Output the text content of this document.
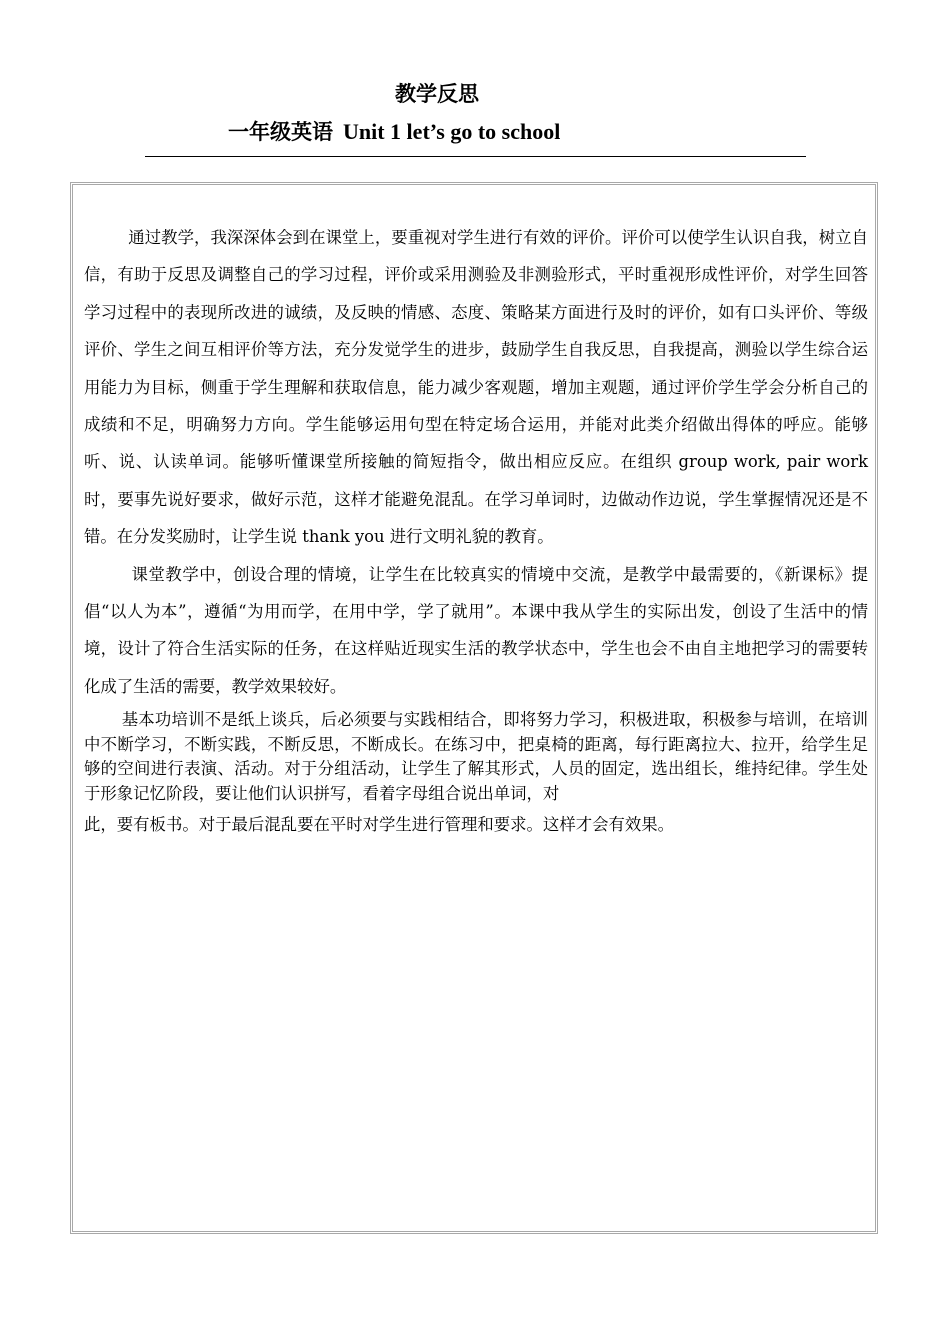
教学反思
一年级英语 Unit 1 let’s go to school

通过教学，我深深体会到在课堂上，要重视对学生进行有效的评价。评价可以使学生认识自我，树立自信，有助于反思及调整自己的学习过程，评价或采用测验及非测验形式，平时重视形成性评价，对学生回答学习过程中的表现所改进的诚绩，及反映的情感、态度、策略某方面进行及时的评价，如有口头评价、等级评价、学生之间互相评价等方法，充分发觉学生的进步，鼓励学生自我反思，自我提高，测验以学生综合运用能力为目标，侧重于学生理解和获取信息，能力减少客观题，增加主观题，通过评价学生学会分析自己的成绩和不足，明确努力方向。学生能够运用句型在特定场合运用，并能对此类介绍做出得体的呼应。能够听、说、认读单词。能够听懂课堂所接触的简短指令，做出相应反应。在组织 group work, pair work 时，要事先说好要求，做好示范，这样才能避免混乱。在学习单词时，边做动作边说，学生掌握情况还是不错。在分发奖励时，让学生说 thank you 进行文明礼貌的教育。

课堂教学中，创设合理的情境，让学生在比较真实的情境中交流，是教学中最需要的，《新课标》提倡“以人为本”，遵循“为用而学，在用中学，学了就用”。本课中我从学生的实际出发，创设了生活中的情境，设计了符合生活实际的任务，在这样贴近现实生活的教学状态中，学生也会不由自主地把学习的需要转化成了生活的需要，教学效果较好。

基本功培训不是纸上谈兵，后必须要与实践相结合，即将努力学习，积极进取，积极参与培训，在培训中不断学习，不断实践，不断反思，不断成长。在练习中，把桌椅的距离，每行距离拉大、拉开，给学生足够的空间进行表演、活动。对于分组活动，让学生了解其形式，人员的固定，选出组长，维持纪律。学生处于形象记忆阶段，要让他们认识拼写，看着字母组合说出单词，对
此，要有板书。对于最后混乱要在平时对学生进行管理和要求。这样才会有效果。
